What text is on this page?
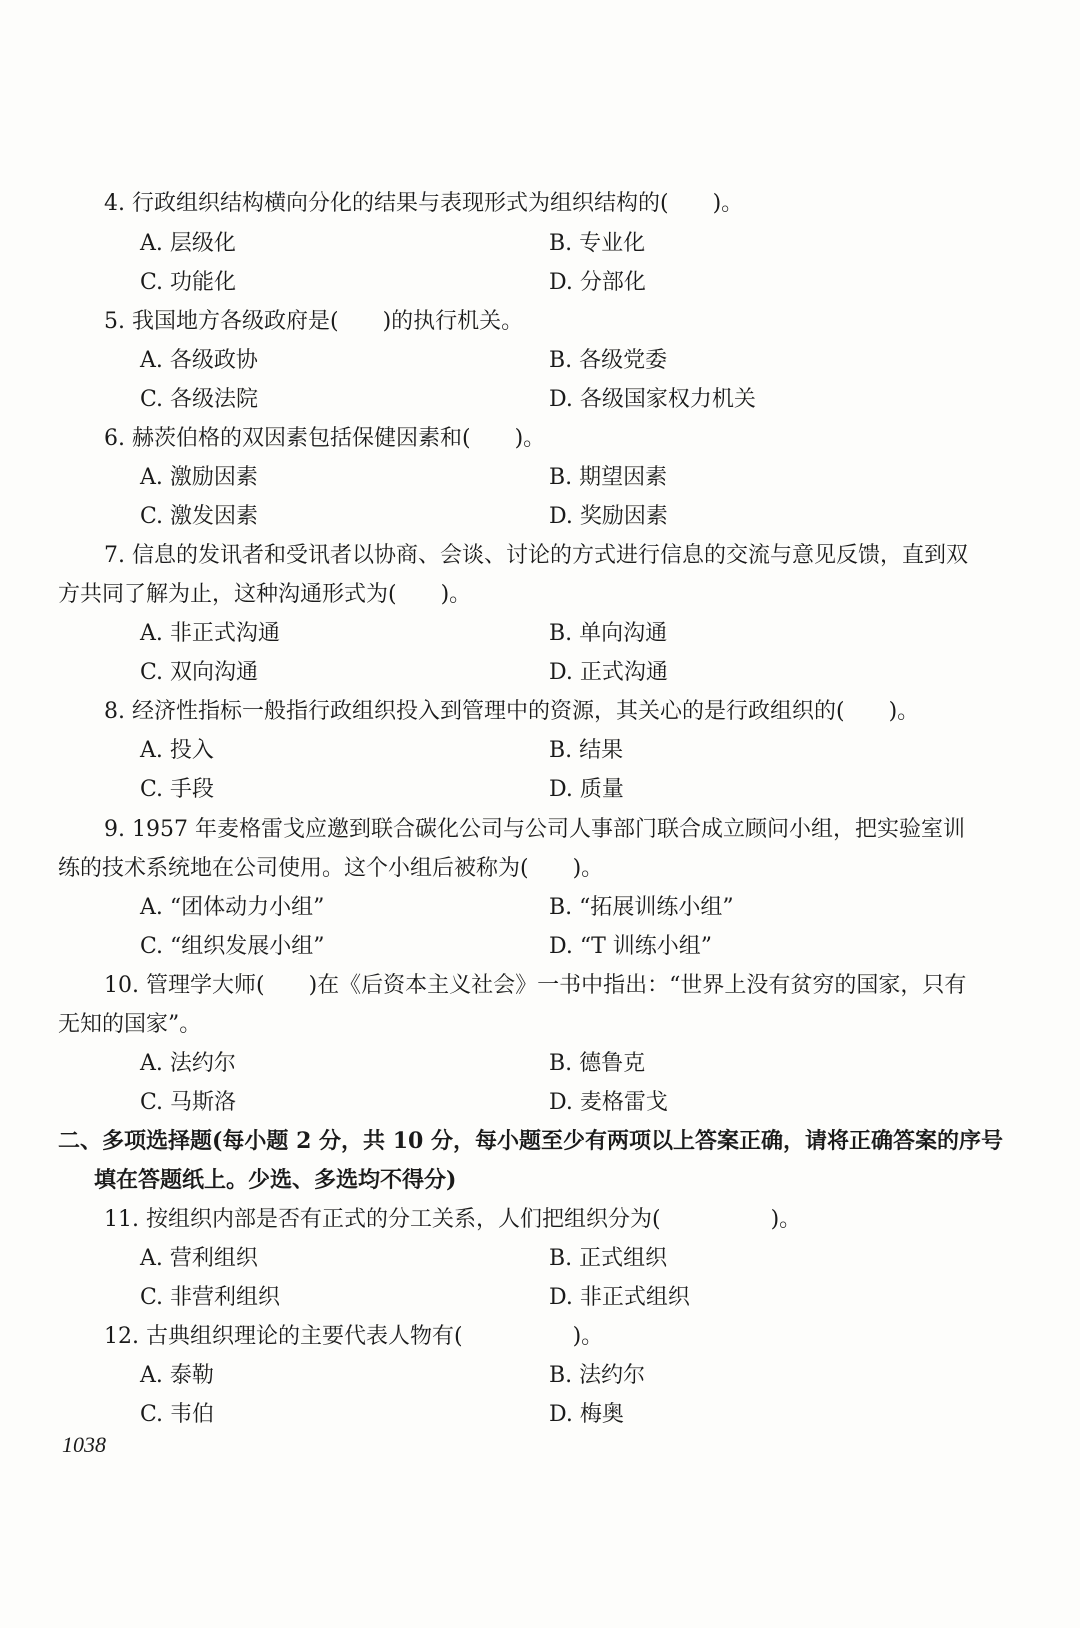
4. 行政组织结构横向分化的结果与表现形式为组织结构的(　　)。
A. 层级化	B. 专业化
C. 功能化	D. 分部化
5. 我国地方各级政府是(　　)的执行机关。
A. 各级政协	B. 各级党委
C. 各级法院	D. 各级国家权力机关
6. 赫茨伯格的双因素包括保健因素和(　　)。
A. 激励因素	B. 期望因素
C. 激发因素	D. 奖励因素
7. 信息的发讯者和受讯者以协商、会谈、讨论的方式进行信息的交流与意见反馈，直到双
方共同了解为止，这种沟通形式为(　　)。
A. 非正式沟通	B. 单向沟通
C. 双向沟通	D. 正式沟通
8. 经济性指标一般指行政组织投入到管理中的资源，其关心的是行政组织的(　　)。
A. 投入	B. 结果
C. 手段	D. 质量
9. 1957 年麦格雷戈应邀到联合碳化公司与公司人事部门联合成立顾问小组，把实验室训
练的技术系统地在公司使用。这个小组后被称为(　　)。
A. “团体动力小组”	B. “拓展训练小组”
C. “组织发展小组”	D. “T 训练小组”
10. 管理学大师(　　)在《后资本主义社会》一书中指出：“世界上没有贫穷的国家，只有
无知的国家”。
A. 法约尔	B. 德鲁克
C. 马斯洛	D. 麦格雷戈
二、多项选择题(每小题 2 分，共 10 分，每小题至少有两项以上答案正确，请将正确答案的序号
填在答题纸上。少选、多选均不得分)
11. 按组织内部是否有正式的分工关系，人们把组织分为(　　　　　)。
A. 营利组织	B. 正式组织
C. 非营利组织	D. 非正式组织
12. 古典组织理论的主要代表人物有(　　　　　)。
A. 泰勒	B. 法约尔
C. 韦伯	D. 梅奥
1038
